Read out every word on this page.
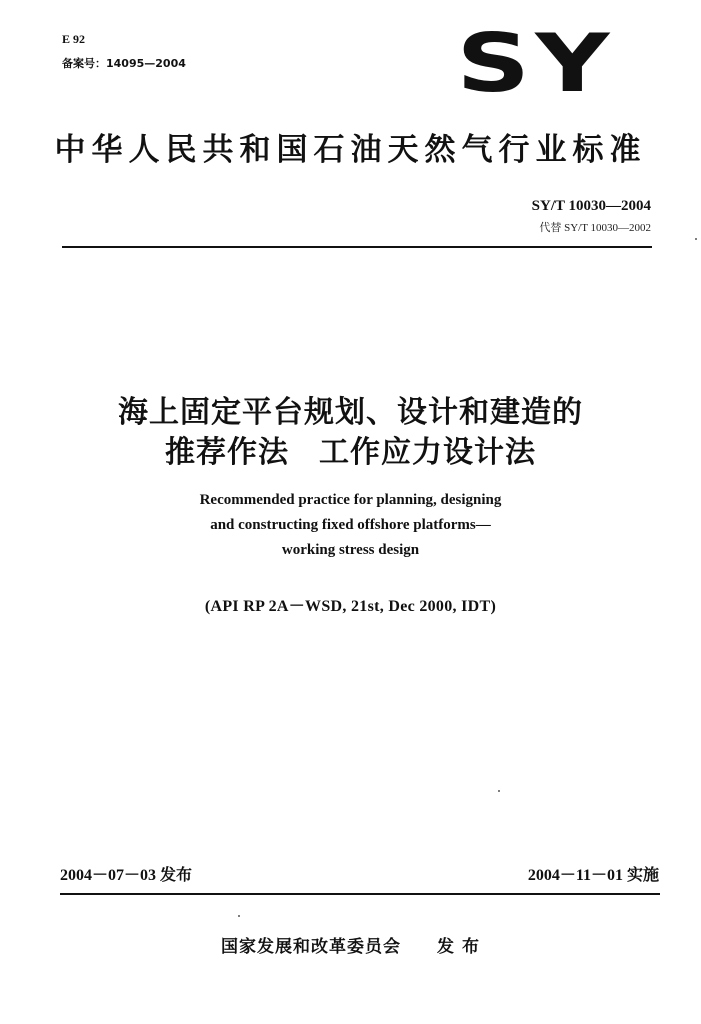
E 92
备案号：14095—2004	SY
中华人民共和国石油天然气行业标准
SY/T 10030—2004
代替 SY/T 10030—2002
海上固定平台规划、设计和建造的
推荐作法 工作应力设计法
Recommended practice for planning, designing
and constructing fixed offshore platforms—
working stress design
(API RP 2A－WSD, 21st, Dec 2000, IDT)
2004－07－03 发布	2004－11－01 实施
国家发展和改革委员会 发 布
